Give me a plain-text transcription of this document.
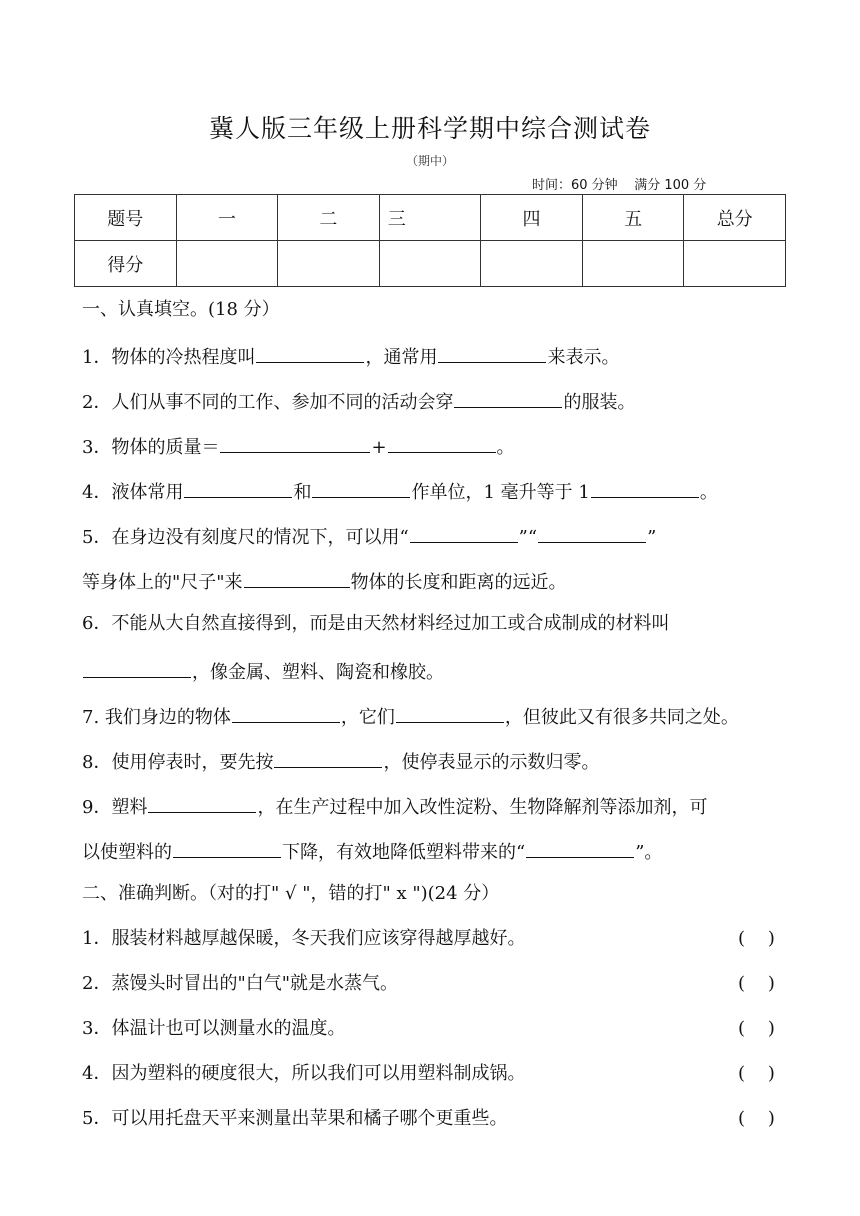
冀人版三年级上册科学期中综合测试卷
（期中）
时间：60 分钟    满分 100 分
题号	一	二	三	四	五	总分
得分						
一、认真填空。(18 分）
1．物体的冷热程度叫	，通常用	来表示。
2．人们从事不同的工作、参加不同的活动会穿	的服装。
3．物体的质量＝	+	。
4．液体常用	和	作单位，1 毫升等于 1	。
5．在身边没有刻度尺的情况下，可以用“	”“	”
等身体上的"尺子"来	物体的长度和距离的远近。
6．不能从大自然直接得到，而是由天然材料经过加工或合成制成的材料叫
，像金属、塑料、陶瓷和橡胶。
7. 我们身边的物体	，它们	，但彼此又有很多共同之处。
8．使用停表时，要先按	，使停表显示的示数归零。
9．塑料	，在生产过程中加入改性淀粉、生物降解剂等添加剂，可
以使塑料的	下降，有效地降低塑料带来的“	”。
二、准确判断。（对的打" √ "，错的打" x ")(24 分）
1．服装材料越厚越保暖，冬天我们应该穿得越厚越好。	(    )
2．蒸馒头时冒出的"白气"就是水蒸气。	(    )
3．体温计也可以测量水的温度。	(    )
4．因为塑料的硬度很大，所以我们可以用塑料制成锅。	(    )
5．可以用托盘天平来测量出苹果和橘子哪个更重些。	(    )
